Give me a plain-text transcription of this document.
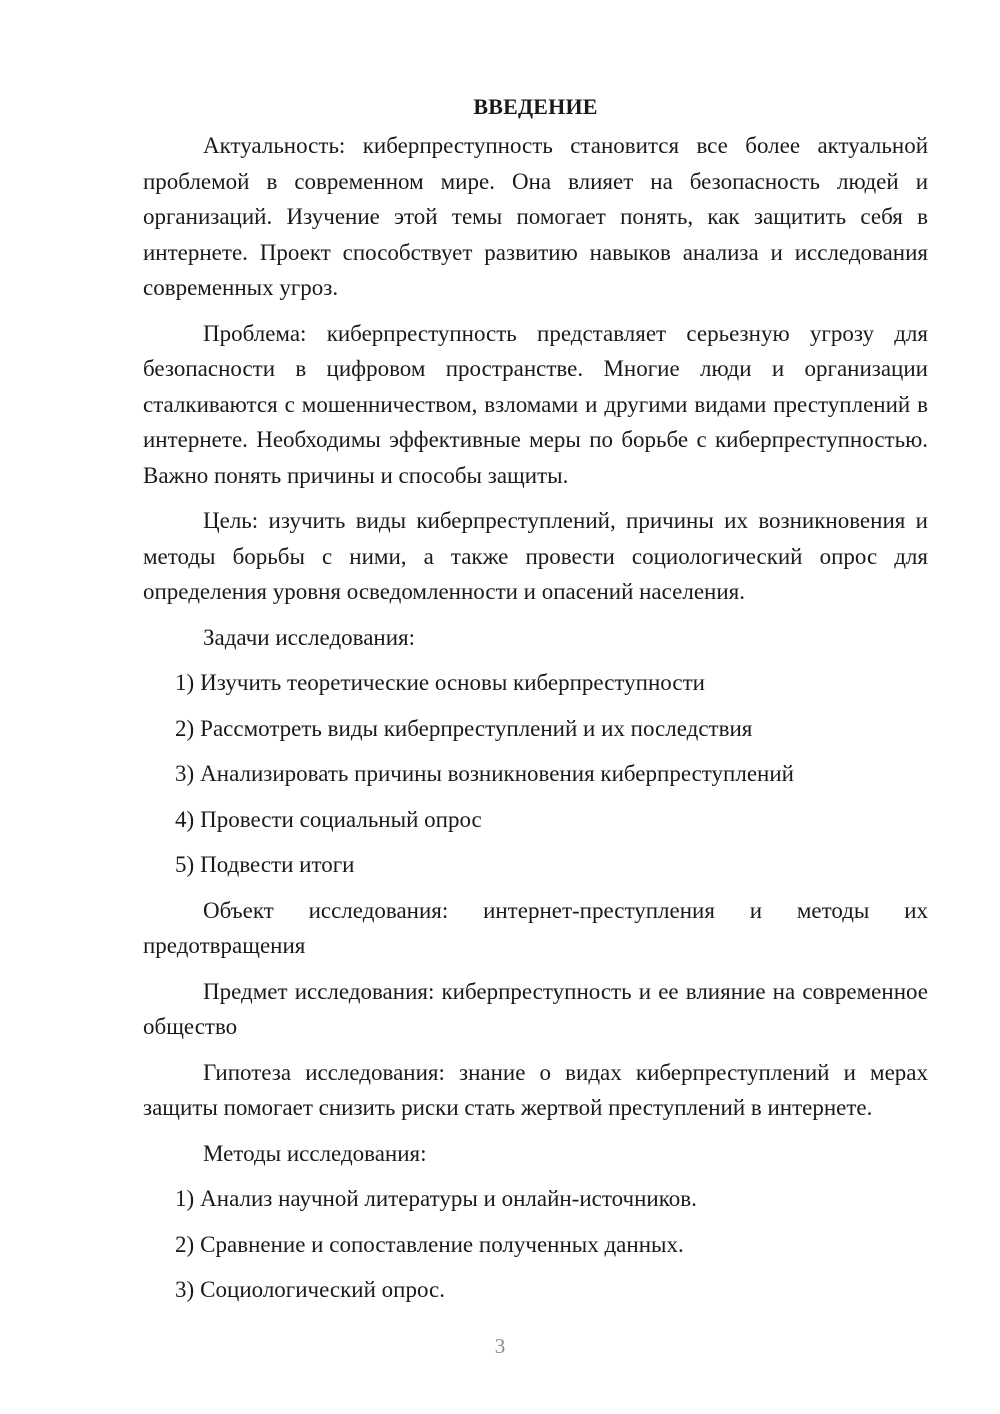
ВВЕДЕНИЕ

Актуальность: киберпреступность становится все более актуальной проблемой в современном мире. Она влияет на безопасность людей и организаций. Изучение этой темы помогает понять, как защитить себя в интернете. Проект способствует развитию навыков анализа и исследования современных угроз.

Проблема: киберпреступность представляет серьезную угрозу для безопасности в цифровом пространстве. Многие люди и организации сталкиваются с мошенничеством, взломами и другими видами преступлений в интернете. Необходимы эффективные меры по борьбе с киберпреступностью. Важно понять причины и способы защиты.

Цель: изучить виды киберпреступлений, причины их возникновения и методы борьбы с ними, а также провести социологический опрос для определения уровня осведомленности и опасений населения.

Задачи исследования:

1) Изучить теоретические основы киберпреступности
2) Рассмотреть виды киберпреступлений и их последствия
3) Анализировать причины возникновения киберпреступлений
4) Провести социальный опрос
5) Подвести итоги

Объект исследования: интернет-преступления и методы их предотвращения

Предмет исследования: киберпреступность и ее влияние на современное общество

Гипотеза исследования: знание о видах киберпреступлений и мерах защиты помогает снизить риски стать жертвой преступлений в интернете.

Методы исследования:

1) Анализ научной литературы и онлайн-источников.
2) Сравнение и сопоставление полученных данных.
3) Социологический опрос.
3
